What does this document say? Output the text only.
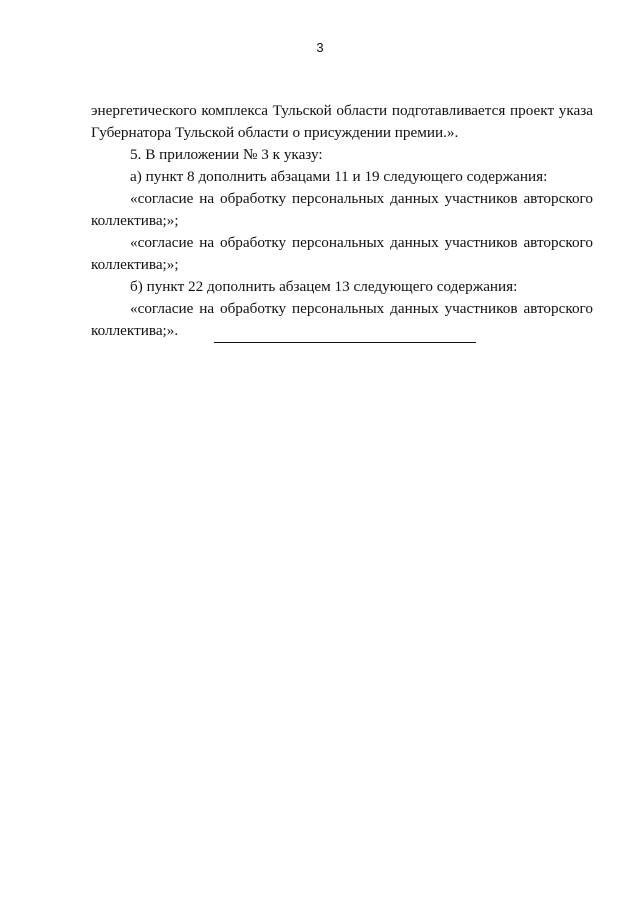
3

энергетического комплекса Тульской области подготавливается проект указа Губернатора Тульской области о присуждении премии.».

5. В приложении № 3 к указу:

а) пункт 8 дополнить абзацами 11 и 19 следующего содержания:

«согласие на обработку персональных данных участников авторского коллектива;»;

«согласие на обработку персональных данных участников авторского коллектива;»;

б) пункт 22 дополнить абзацем 13 следующего содержания:

«согласие на обработку персональных данных участников авторского коллектива;».
